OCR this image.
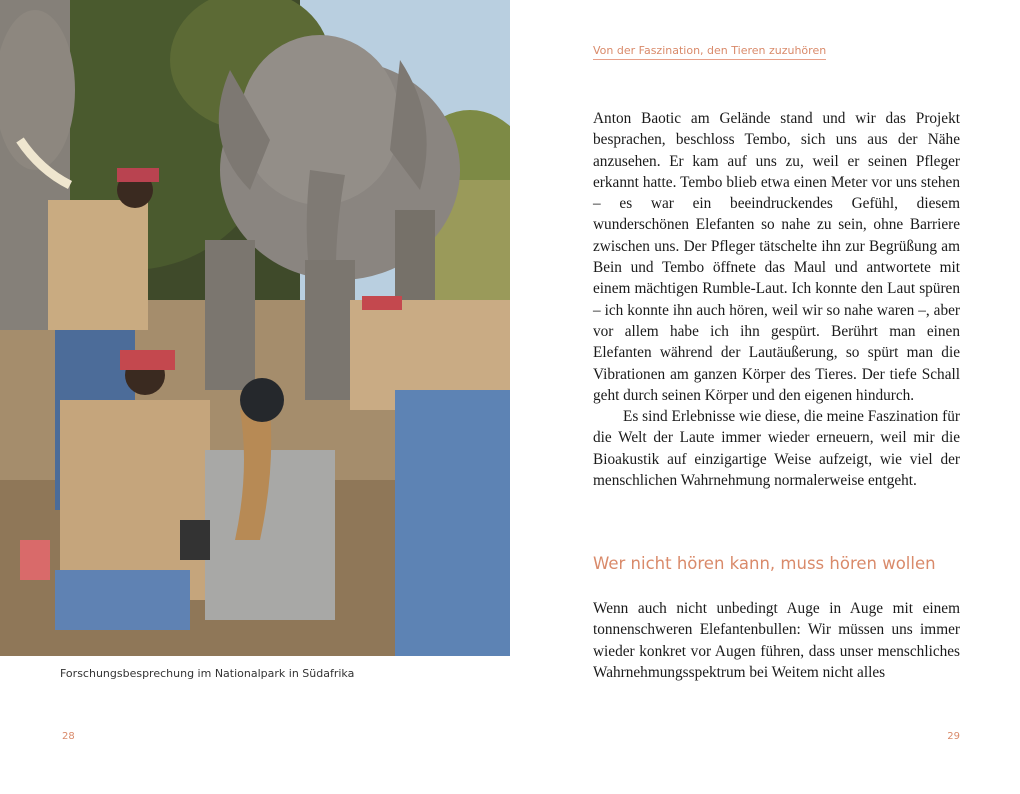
Forschungsbesprechung im Nationalpark in Südafrika
28
Von der Faszination, den Tieren zuzuhören

Anton Baotic am Gelände stand und wir das Projekt besprachen, beschloss Tembo, sich uns aus der Nähe anzusehen. Er kam auf uns zu, weil er seinen Pfleger erkannt hatte. Tembo blieb etwa einen Meter vor uns stehen – es war ein beeindruckendes Gefühl, diesem wunderschönen Elefanten so nahe zu sein, ohne Barriere zwischen uns. Der Pfleger tätschelte ihn zur Begrüßung am Bein und Tembo öffnete das Maul und antwortete mit einem mächtigen Rumble-Laut. Ich konnte den Laut spüren – ich konnte ihn auch hören, weil wir so nahe waren –, aber vor allem habe ich ihn gespürt. Berührt man einen Elefanten während der Lautäußerung, so spürt man die Vibrationen am ganzen Körper des Tieres. Der tiefe Schall geht durch seinen Körper und den eigenen hindurch.

Es sind Erlebnisse wie diese, die meine Faszination für die Welt der Laute immer wieder erneuern, weil mir die Bioakustik auf einzigartige Weise aufzeigt, wie viel der menschlichen Wahrnehmung normalerweise entgeht.

Wer nicht hören kann, muss hören wollen

Wenn auch nicht unbedingt Auge in Auge mit einem tonnenschweren Elefantenbullen: Wir müssen uns immer wieder konkret vor Augen führen, dass unser menschliches Wahrnehmungsspektrum bei Weitem nicht alles

29
